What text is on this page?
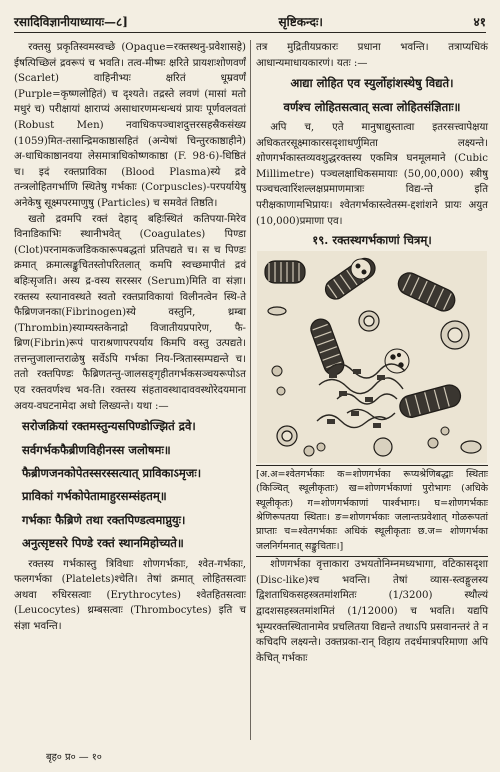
रसादिविज्ञानीयाध्यायः—८]	सृष्टिकन्दः।	४१

रक्तसु प्रकृतिस्वमस्वच्छे (Opaque=रक्तस्थनु-प्रवेशासहे) ईषत्पिच्छिलं द्रवरूपं च भवति। तत्व-मीष्मः क्षरिते प्रायशःशोणवर्णं (Scarlet) वाहिनीभ्यः क्षरितं धूम्रवर्णं (Purple=कृष्णलोहितं) च दृश्यते। तद्रस्ते लवणं (मासां मतो मधुरं च) परीक्षायां क्षाराप्यं असाधारणमन्धन्धयं प्रायः पूर्णवलवतां (Robust Men) नवाधिकपञ्चाशदुत्तरसहस्रैकसंख्य (1059)मित-तसान्द्रिमकाष्ठासहितं (अन्येषां चिन्तुरकाष्ठाहीने) अ-धाधिकाष्ठानवया लेसमात्राधिकोष्णकाष्ठा (F. 98·6)-धिष्ठितं च। इदं रक्तप्राविका (Blood Plasma)स्ये द्रवे तन्त्रलोहितगर्भाणि स्थितेषु गर्भकाः (Corpuscles)-परपर्यायेषु अनेकेषु सूक्ष्मपरमाणुषु (Particles) च समवेतं तिष्ठति।

खतो द्रवमपि रक्तं देहाद् बहिःस्थितं कतिपया-मिरेव विनाडिकाभिः स्थानीभवेत् (Coagulates) पिण्डा (Clot)परनामकजडिककारूपबद्धतां प्रतिपद्यते च। स च पिण्डः क्रमात् क्रमात्सङ्कुचितस्तोपरितलात् कमपि स्वच्छमापीतं द्रवं बहिःसृजति। अस्य द्र-वस्य सरस्सर (Serum)मिति वा संज्ञा। रक्तस्य स्त्यानावस्थते स्वतो रक्तप्राविकायां विलीनत्वेन स्थि-ते फैब्रिणजनका(Fibrinogen)स्ये वस्तुनि, थ्रम्बा (Thrombin)स्याम्यस्तकेनाद्रो विजातीयप्रपारेण, फै-ब्रिण(Fibrin)रूपं पाराश्रणापरपर्याय किमपि वस्तु उत्पद्यते। तत्तन्तुजालान्तराळेषु सर्वेऽपि गर्भका निय-न्त्रितास्सम्पद्यन्ते च। ततो रक्तपिण्डः फैब्रिणतन्तु-जालसङ्गृहीतगर्भकसञ्चयरूपोऽत एव रक्तवर्णश्च भव-ति। रक्तस्य संहतावस्थादाववस्थोरेदयमाना अवय-वघटनामेदा अधो लिख्यन्ते। यथा :—

सरोजक्रियां रक्तमस्तुन्यसपिण्डोज्झितं द्रवे।
सर्वगर्भकफैब्रीणविहीनस्स जलोषमः॥
फैब्रीणजनकोपेतस्सरस्सत्यात् प्राविकाऽमृजः।
प्राविकां गर्भकोपेतामाहुरसम्संहतम्॥
गर्भकाः फैब्रिणे तथा रक्तपिण्डत्वमाप्नुयुः।
अनुत्सृष्टसरे पिण्डे रक्तं स्थानमिहोच्यते॥

रक्तस्य गर्भकास्तु त्रिविधाः शोणगर्भकाः, श्वेत-गर्भकाः, फलगर्भका (Platelets)श्चेति। तेषां क्रमात् लोहितसत्वाः अथवा रुधिरसत्वाः (Erythrocytes) श्वेतहितसत्वाः (Leucocytes) थ्रम्बसत्वाः (Thrombocytes) इति च संज्ञा भवन्ति।

तत्र मुद्रितीयप्रकारः प्रधाना भवन्ति। तत्राप्यधिकं आधान्यमाधायकारणं। यतः :—

आद्या लोहित एव स्युर्लोहांशस्थेषु विद्यते।
वर्णश्च लोहितसत्वात् सत्वा लोहितसंज्ञिताः॥

अपि च, एते मानुषाद्युस्तात्वा इतरसत्त्वापेक्षया अधिकतरसूक्ष्माकारसदृशाधर्णुमिता लक्ष्यन्ते। शोणगर्भकास्तव्यवशुद्धरक्तस्य एकमित्र घनमूलमाने (Cubic Millimetre) पञ्चलक्षाधिकसमायाः (50,00,000) स्त्रीषु पञ्चचत्वारिंशल्लक्षप्रमाणमात्राः विद्य-न्ते इति परीक्षकाणामभिप्रायः। श्वेतगर्भकास्त्वेतस्म-द्दशांशने प्रायः अयुत (10,000)प्रमाणा एव।

१९. रक्तस्थगर्भकाणां चित्रम्।
[अ.अ=श्वेतगर्भकाः क=शोणगर्भका रूप्यश्रेणिबद्धाः स्थिताः (किञ्चित् स्थूलीकृताः) ख=शोणगर्भकाणां पुरोभागः (अधिके स्थूलीकृतः) ग=शोणगर्भकाणां पार्श्वभागः। घ=शोणगर्भकाः श्रेणिरूपतया स्थिताः। ङ=शोणगर्भकाः जलान्तःप्रवेशात् गोळरूपतां प्राप्ताः च=श्वेतगर्भकाः अधिकं स्थूलीकृताः छ.ज= शोणगर्भका जलनिर्गमनात् सङ्कुचिताः।]

शोणगर्भका वृत्ताकारा उभयतोनिम्नमध्यभागा, वटिकासदृशा (Disc-like)श्च भवन्ति। तेषां व्यास-स्त्वङ्गुलस्य द्विशताधिकसहस्त्रतमांशमितः (1/3200) स्थौल्यं द्वादशसहस्त्रतमांशमितं (1/12000) च भवति। यद्यपि भूम्यरक्तस्थितानामेव प्रचलितया विद्यन्ते तथाऽपि प्रसवानन्तरं ते न कचिदपि लक्ष्यन्ते। उक्तप्रका-रान् विहाय तदर्धमात्रपरिमाणा अपि केचित् गर्भकाः

बृह० प्र० — १०
